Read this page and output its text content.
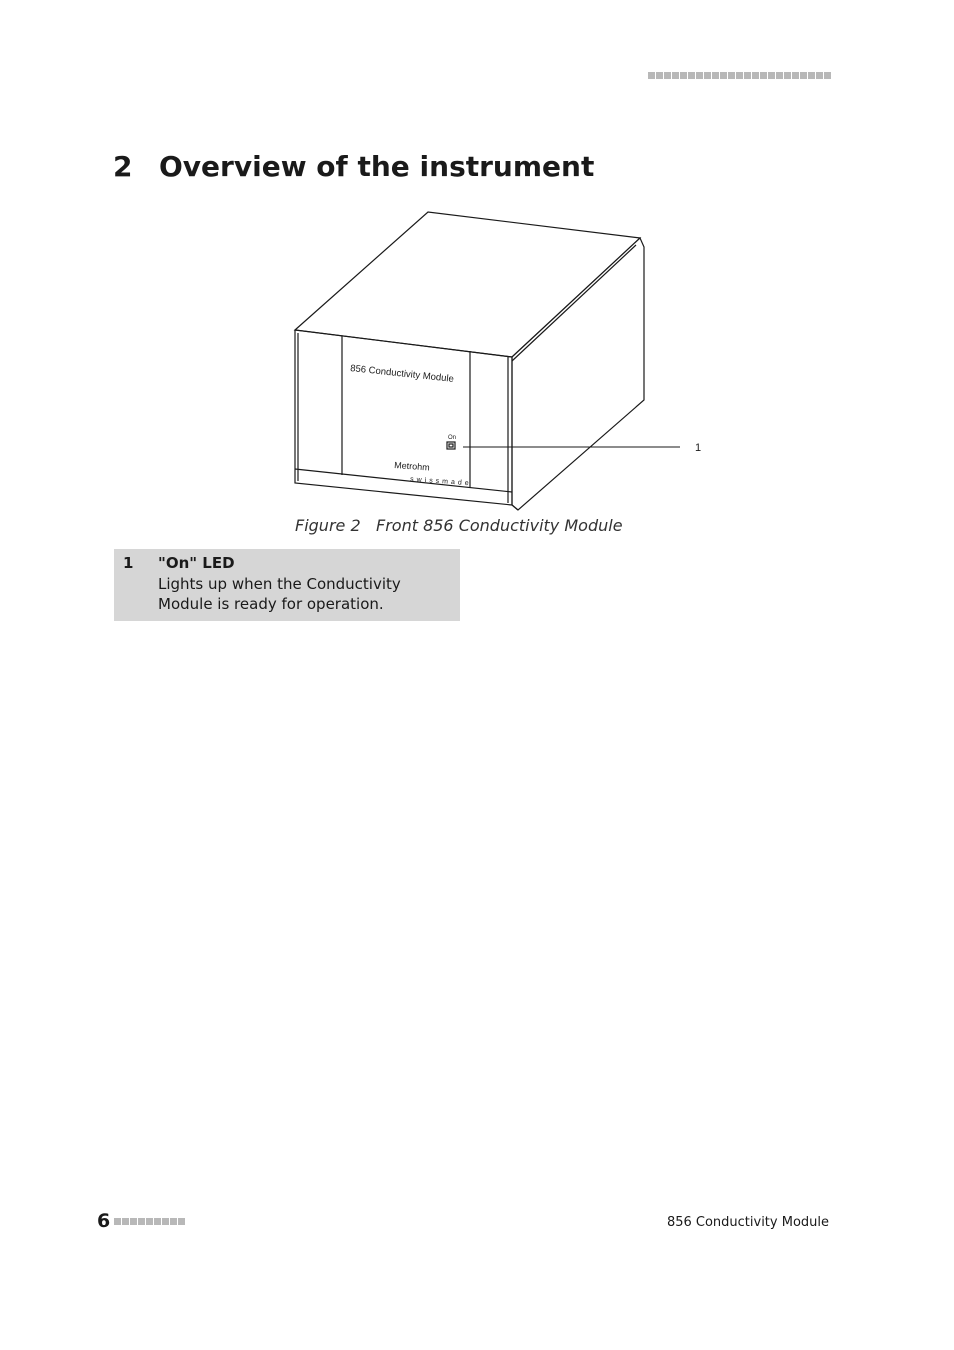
2 Overview of the instrument
856 Conductivity Module
On
Metrohm
swissmade
1
Figure 2 Front 856 Conductivity Module
1 "On" LED
Lights up when the Conductivity Module is ready for operation.
6	856 Conductivity Module
